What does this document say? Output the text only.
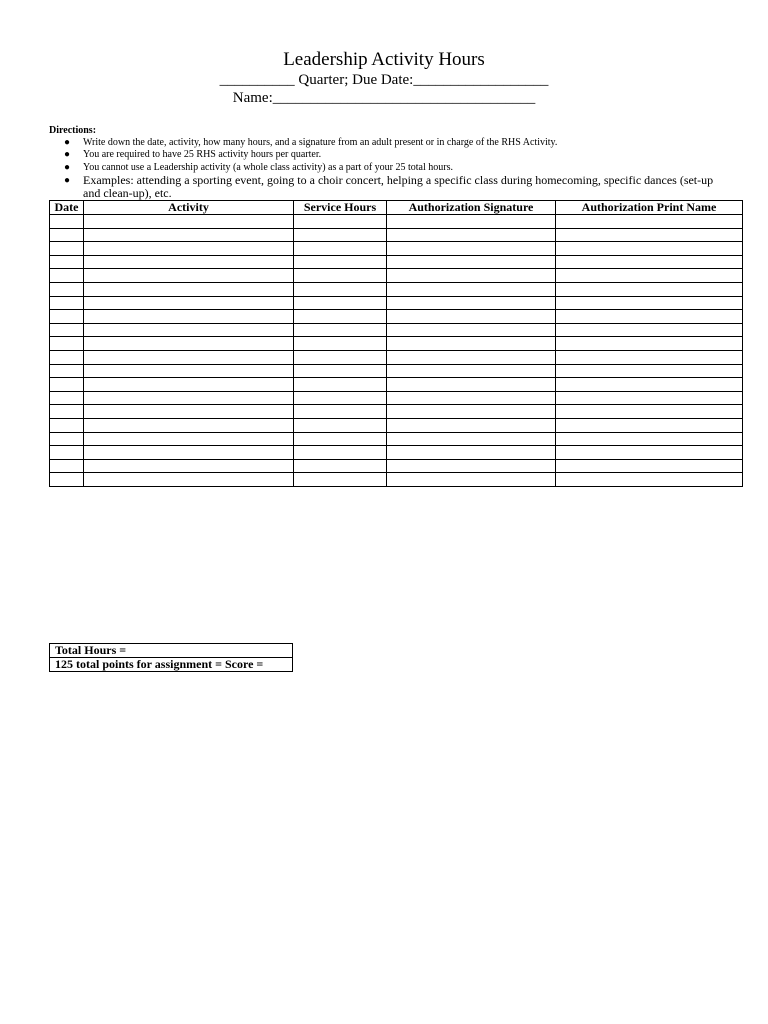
Leadership Activity Hours
__________ Quarter; Due Date:__________________
Name:___________________________________
Directions:
● Write down the date, activity, how many hours, and a signature from an adult present or in charge of the RHS Activity.
● You are required to have 25 RHS activity hours per quarter.
● You cannot use a Leadership activity (a whole class activity) as a part of your 25 total hours.
● Examples: attending a sporting event, going to a choir concert, helping a specific class during homecoming, specific dances (set-up and clean-up), etc.
Date	Activity	Service Hours	Authorization Signature	Authorization Print Name

Total Hours =
125 total points for assignment = Score =
